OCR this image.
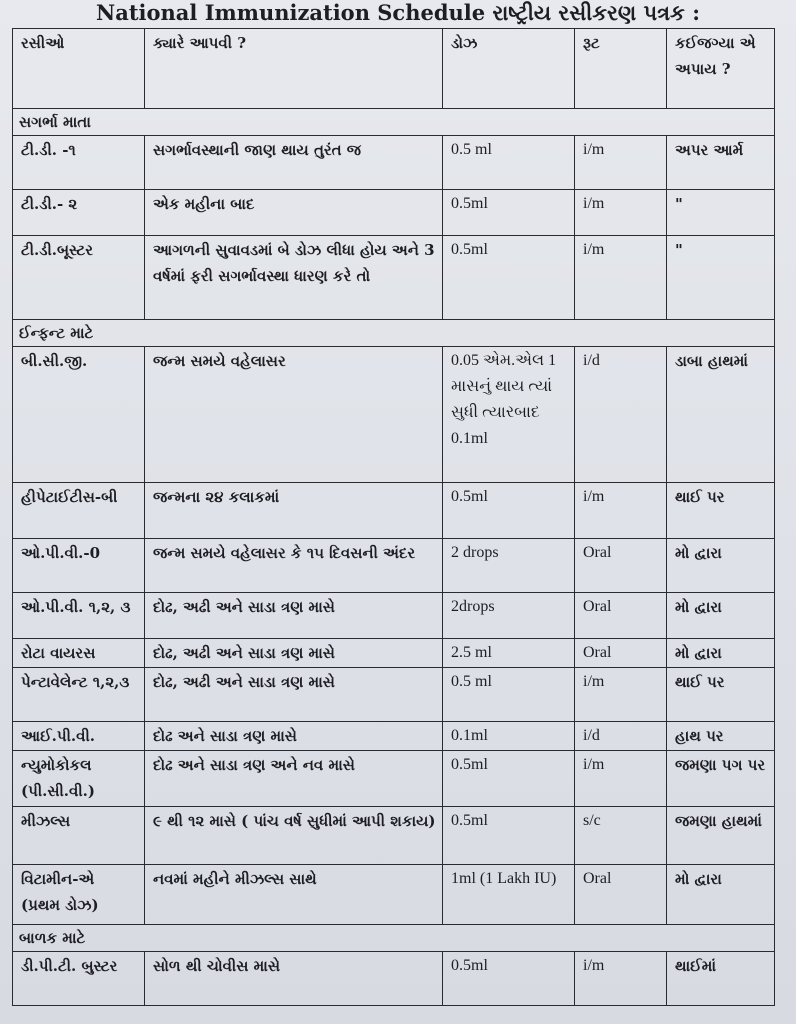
National Immunization Schedule રાષ્ટ્રીય રસીકરણ પત્રક :
રસીઓ	ક્યારે આપવી ?	ડોઝ	રૂટ	કઈજગ્યા એ અપાય ?
સગર્ભા માતા				
ટી.ડી. -૧	સગર્ભાવસ્થાની જાણ થાય તુરંત જ	0.5 ml	i/m	અપર આર્મ
ટી.ડી.- ૨	એક મહીના બાદ	0.5ml	i/m	"
ટી.ડી.બૂસ્ટર	આગળની સુવાવડમાં બે ડોઝ લીધા હોય અને 3 વર્ષમાં ફરી સગર્ભાવસ્થા ધારણ કરે તો	0.5ml	i/m	"
ઈન્ફન્ટ માટે				
બી.સી.જી.	જન્મ સમયે વહેલાસર	0.05 એમ.એલ 1 માસનું થાય ત્યાં સુધી ત્યારબાદ 0.1ml	i/d	ડાબા હાથમાં
હીપેટાઈટીસ-બી	જન્મના ૨૪ કલાકમાં	0.5ml	i/m	થાઈ પર
ઓ.પી.વી.-0	જન્મ સમયે વહેલાસર કે ૧૫ દિવસની અંદર	2 drops	Oral	મો દ્વારા
ઓ.પી.વી. ૧,૨, ૩	દોઢ, અઢી અને સાડા ત્રણ માસે	2drops	Oral	મો દ્વારા
રોટા વાયરસ	દોઢ, અઢી અને સાડા ત્રણ માસે	2.5 ml	Oral	મો દ્વારા
પેન્ટાવેલેન્ટ ૧,૨,૩	દોઢ, અઢી અને સાડા ત્રણ માસે	0.5 ml	i/m	થાઈ પર
આઈ.પી.વી.	દોઢ અને સાડા ત્રણ માસે	0.1ml	i/d	હાથ પર
ન્યુમોકોકલ (પી.સી.વી.)	દોઢ અને સાડા ત્રણ અને નવ માસે	0.5ml	i/m	જમણા પગ પર
મીઝલ્સ	૯ થી ૧૨ માસે ( પાંચ વર્ષ સુધીમાં આપી શકાય)	0.5ml	s/c	જમણા હાથમાં
વિટામીન-એ (પ્રથમ ડોઝ)	નવમાં મહીને મીઝલ્સ સાથે	1ml (1 Lakh IU)	Oral	મો દ્વારા
બાળક માટે				
ડી.પી.ટી. બુસ્ટર	સોળ થી ચોવીસ માસે	0.5ml	i/m	થાઈમાં
